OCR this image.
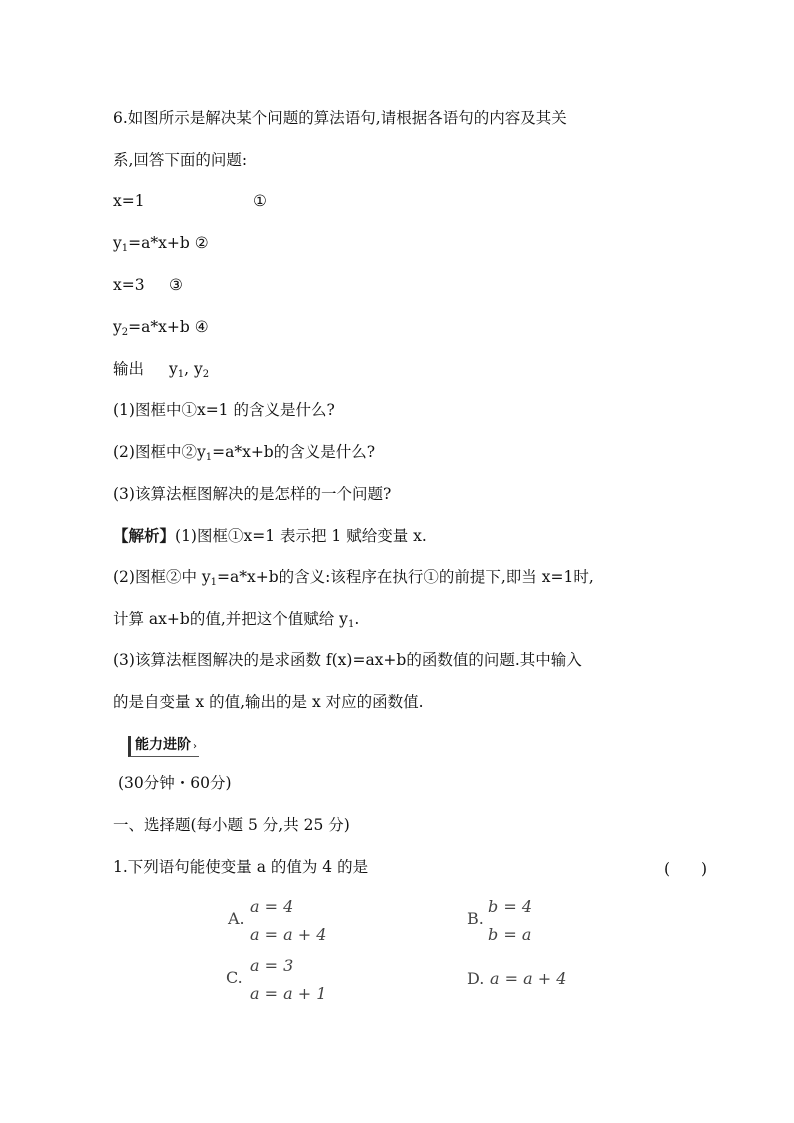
6.如图所示是解决某个问题的算法语句,请根据各语句的内容及其关
系,回答下面的问题:
x=1	①
$y_1=a*x+b$ ②
x=3 ③
$y_2=a*x+b$ ④
输出 $y_1$, $y_2$
(1)图框中①x=1 的含义是什么?
(2)图框中$②y_1=a*x+b$的含义是什么?
(3)该算法框图解决的是怎样的一个问题?
【解析】(1)图框①x=1 表示把 1 赋给变量 x.
(2)图框②中 $y_1=a*x+b$的含义:该程序在执行①的前提下,即当 x=1时,
计算 ax+b的值,并把这个值赋给 $y_1$.
(3)该算法框图解决的是求函数 f(x)=ax+b的函数值的问题.其中输入
的是自变量 x 的值,输出的是 x 对应的函数值.
能力进阶 ›
(30分钟・60分)
一、选择题(每小题 5 分,共 25 分)
1.下列语句能使变量 a 的值为 4 的是	(　　)
A.
a = 4
a = a + 4
B.
b = 4
b = a
C.
a = 3
a = a + 1
D. a = a + 4
